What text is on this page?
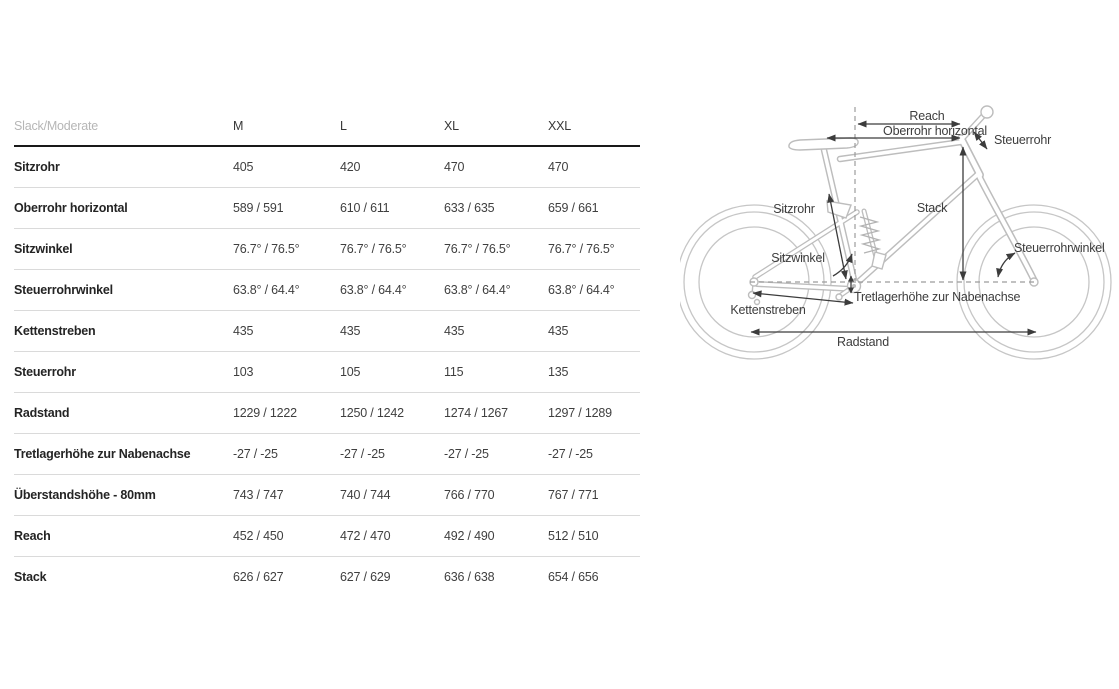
Slack/Moderate	M	L	XL	XXL
Sitzrohr	405	420	470	470
Oberrohr horizontal	589 / 591	610 / 611	633 / 635	659 / 661
Sitzwinkel	76.7° / 76.5°	76.7° / 76.5°	76.7° / 76.5°	76.7° / 76.5°
Steuerrohrwinkel	63.8° / 64.4°	63.8° / 64.4°	63.8° / 64.4°	63.8° / 64.4°
Kettenstreben	435	435	435	435
Steuerrohr	103	105	115	135
Radstand	1229 / 1222	1250 / 1242	1274 / 1267	1297 / 1289
Tretlagerhöhe zur Nabenachse	-27 / -25	-27 / -25	-27 / -25	-27 / -25
Überstandshöhe - 80mm	743 / 747	740 / 744	766 / 770	767 / 771
Reach	452 / 450	472 / 470	492 / 490	512 / 510
Stack	626 / 627	627 / 629	636 / 638	654 / 656
Reach
Oberrohr horizontal
Steuerrohr
Stack
Sitzrohr
Sitzwinkel
Steuerrohrwinkel
Tretlagerhöhe zur Nabenachse
Kettenstreben
Radstand
